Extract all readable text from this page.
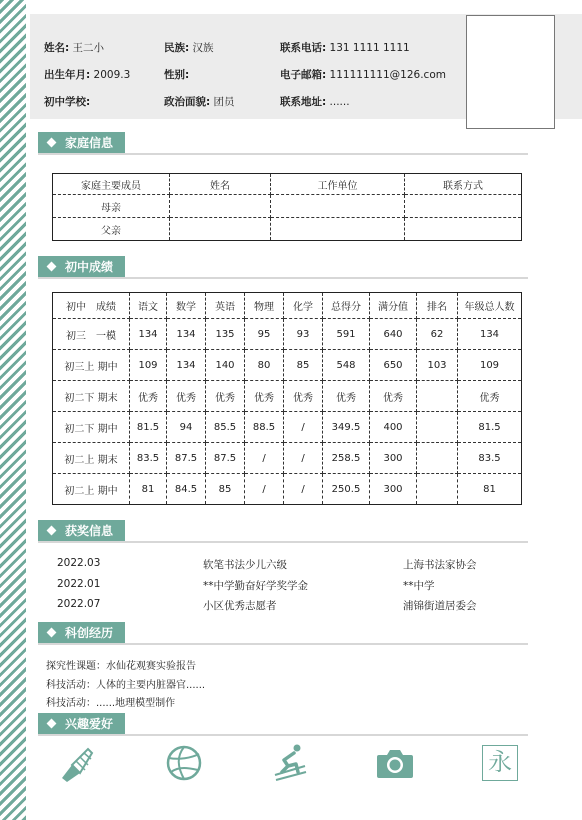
姓名: 王二小	民族: 汉族	联系电话: 131 1111 1111
出生年月: 2009.3	性别:	电子邮箱: 111111111@126.com
初中学校:	政治面貌: 团员	联系地址: ......
家庭信息
家庭主要成员	姓名	工作单位	联系方式
母亲			
父亲			
初中成绩
初中　成绩	语文	数学	英语	物理	化学	总得分	满分值	排名	年级总人数
初三　一模	134	134	135	95	93	591	640	62	134
初三上 期中	109	134	140	80	85	548	650	103	109
初二下 期末	优秀	优秀	优秀	优秀	优秀	优秀	优秀		优秀
初二下 期中	81.5	94	85.5	88.5	/	349.5	400		81.5
初二上 期末	83.5	87.5	87.5	/	/	258.5	300		83.5
初二上 期中	81	84.5	85	/	/	250.5	300		81
获奖信息
2022.03	软笔书法少儿六级	上海书法家协会
2022.01	**中学勤奋好学奖学金	**中学
2022.07	小区优秀志愿者	浦锦街道居委会
科创经历
探究性课题：水仙花观赛实验报告
科技活动：人体的主要内脏器官......
科技活动：......地理模型制作
兴趣爱好
永
